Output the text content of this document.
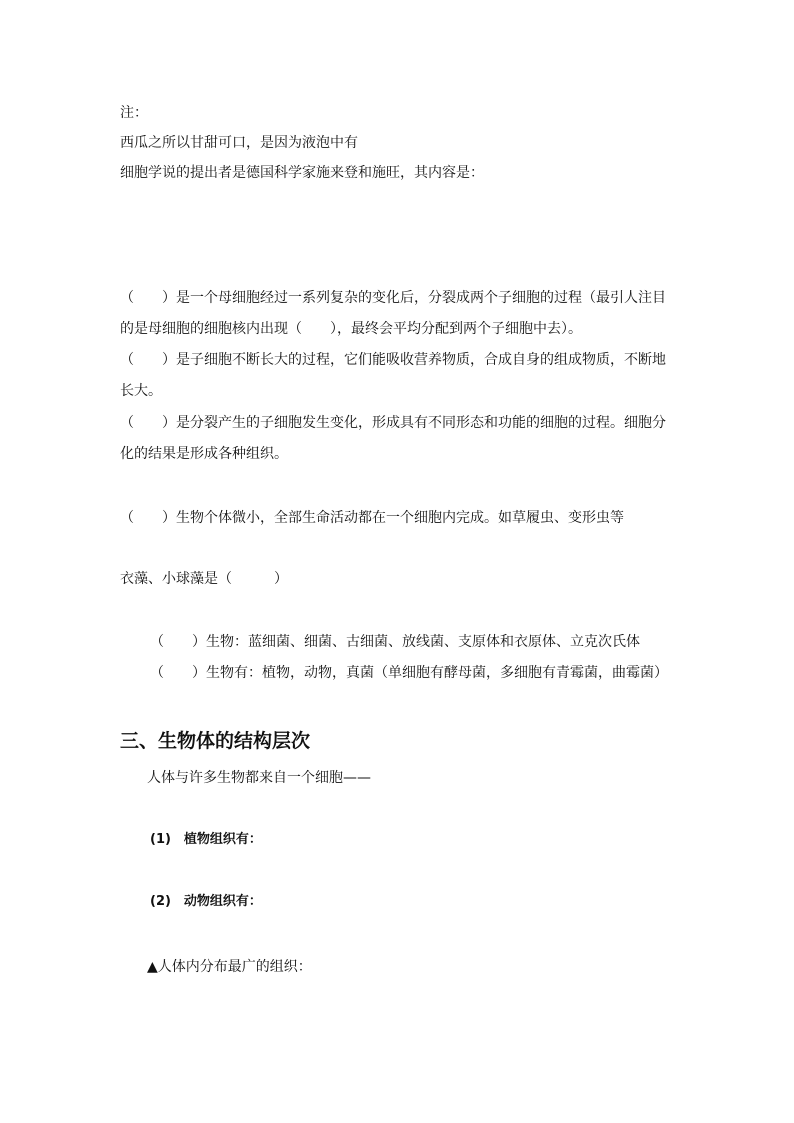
注：

西瓜之所以甘甜可口，是因为液泡中有

细胞学说的提出者是德国科学家施来登和施旺，其内容是：

（　　）是一个母细胞经过一系列复杂的变化后，分裂成两个子细胞的过程（最引人注目

的是母细胞的细胞核内出现（　　），最终会平均分配到两个子细胞中去）。

（　　）是子细胞不断长大的过程，它们能吸收营养物质，合成自身的组成物质，不断地

长大。

（　　）是分裂产生的子细胞发生变化，形成具有不同形态和功能的细胞的过程。细胞分

化的结果是形成各种组织。

（　　）生物个体微小，全部生命活动都在一个细胞内完成。如草履虫、变形虫等

衣藻、小球藻是（　　　）

（　　）生物：蓝细菌、细菌、古细菌、放线菌、支原体和衣原体、立克次氏体

（　　）生物有：植物，动物，真菌（单细胞有酵母菌，多细胞有青霉菌，曲霉菌）

三、生物体的结构层次

人体与许多生物都来自一个细胞——

(1)　植物组织有：

(2)　动物组织有：

▲人体内分布最广的组织：
